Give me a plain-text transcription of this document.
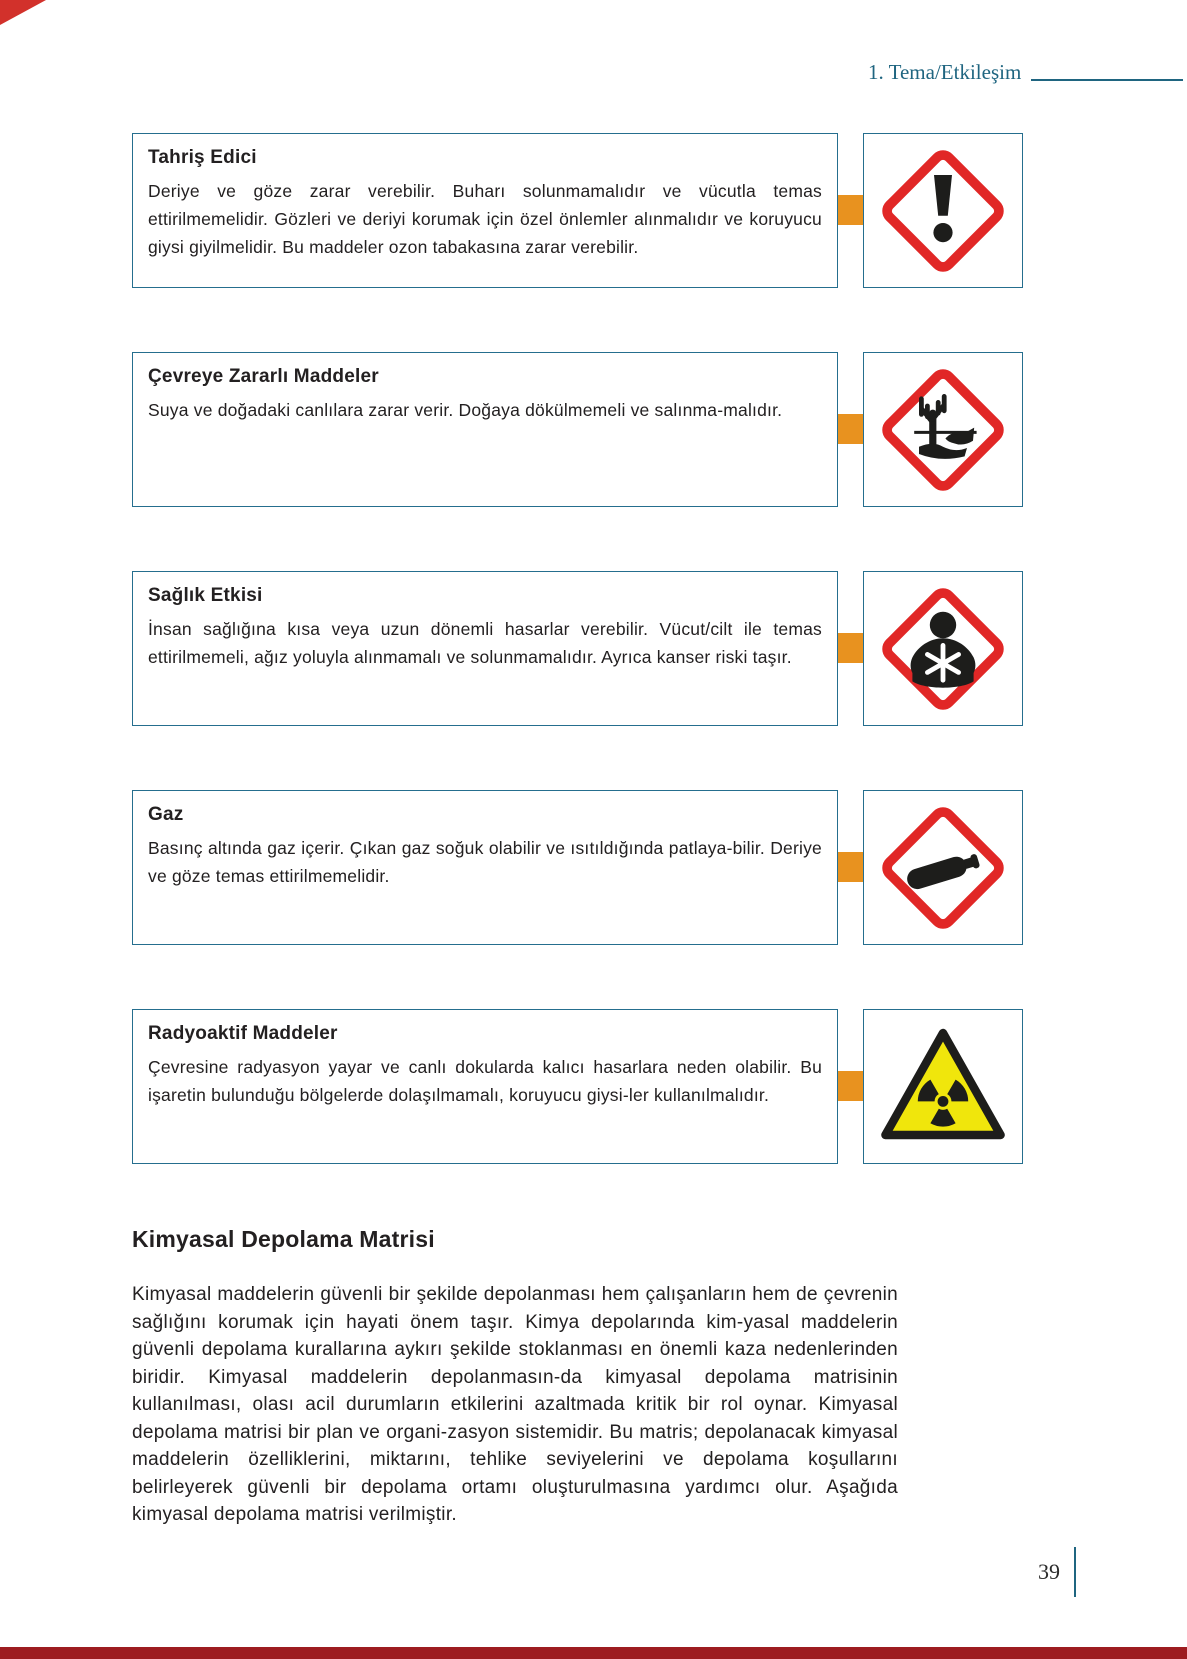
1. Tema/Etkileşim
Tahriş Edici
Deriye ve göze zarar verebilir. Buharı solunmamalıdır ve vücutla temas ettirilmemelidir. Gözleri ve deriyi korumak için özel önlemler alınmalıdır ve koruyucu giysi giyilmelidir. Bu maddeler ozon tabakasına zarar verebilir.
Çevreye Zararlı Maddeler
Suya ve doğadaki canlılara zarar verir. Doğaya dökülmemeli ve salınma-malıdır.
Sağlık Etkisi
İnsan sağlığına kısa veya uzun dönemli hasarlar verebilir. Vücut/cilt ile temas ettirilmemeli, ağız yoluyla alınmamalı ve solunmamalıdır. Ayrıca kanser riski taşır.
Gaz
Basınç altında gaz içerir. Çıkan gaz soğuk olabilir ve ısıtıldığında patlaya-bilir. Deriye ve göze temas ettirilmemelidir.
Radyoaktif Maddeler
Çevresine radyasyon yayar ve canlı dokularda kalıcı hasarlara neden olabilir. Bu işaretin bulunduğu bölgelerde dolaşılmamalı, koruyucu giysi-ler kullanılmalıdır.
Kimyasal Depolama Matrisi
Kimyasal maddelerin güvenli bir şekilde depolanması hem çalışanların hem de çevrenin sağlığını korumak için hayati önem taşır. Kimya depolarında kim-yasal maddelerin güvenli depolama kurallarına aykırı şekilde stoklanması en önemli kaza nedenlerinden biridir. Kimyasal maddelerin depolanmasın-da kimyasal depolama matrisinin kullanılması, olası acil durumların etkilerini azaltmada kritik bir rol oynar. Kimyasal depolama matrisi bir plan ve organi-zasyon sistemidir. Bu matris; depolanacak kimyasal maddelerin özelliklerini, miktarını, tehlike seviyelerini ve depolama koşullarını belirleyerek güvenli bir depolama ortamı oluşturulmasına yardımcı olur. Aşağıda kimyasal depolama matrisi verilmiştir.
39
